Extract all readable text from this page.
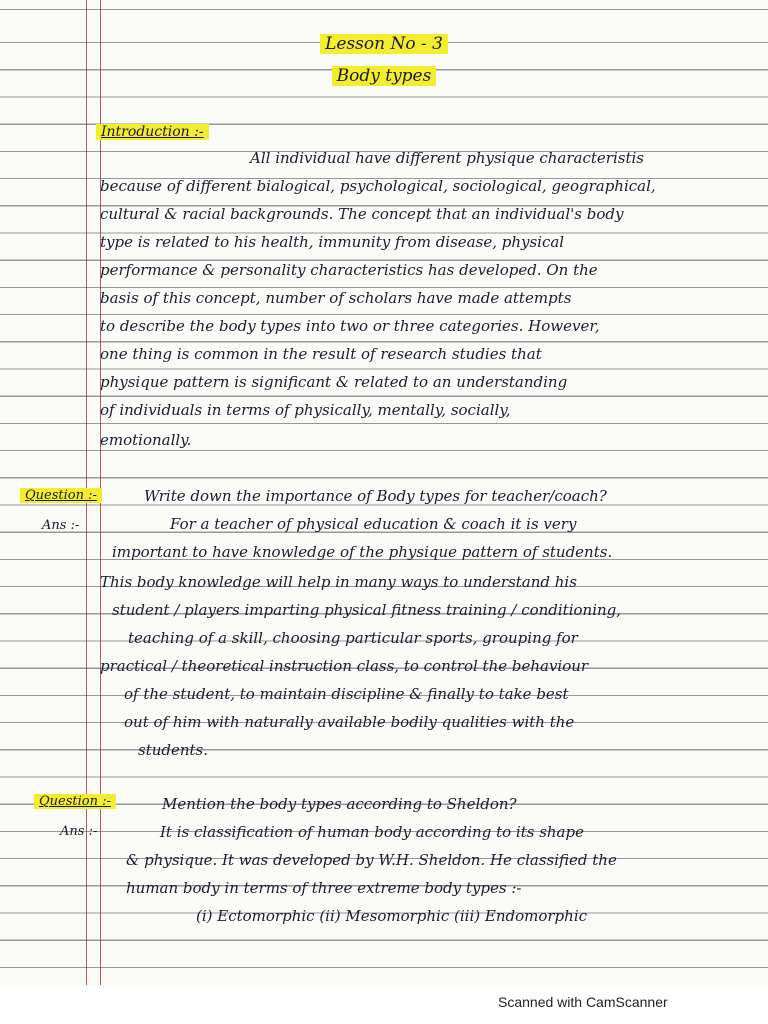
Lesson No - 3
Body types
Introduction :-
All individual have different physique characteristis
because of different bialogical, psychological, sociological, geographical,
cultural & racial backgrounds. The concept that an individual's body
type is related to his health, immunity from disease, physical
performance & personality characteristics has developed. On the
basis of this concept, number of scholars have made attempts
to describe the body types into two or three categories. However,
one thing is common in the result of research studies that
physique pattern is significant & related to an understanding
of individuals in terms of physically, mentally, socially,
emotionally.
Question :-	Write down the importance of Body types for teacher/coach?
Ans :-	For a teacher of physical education & coach it is very
important to have knowledge of the physique pattern of students.
This body knowledge will help in many ways to understand his
student / players imparting physical fitness training / conditioning,
teaching of a skill, choosing particular sports, grouping for
practical / theoretical instruction class, to control the behaviour
of the student, to maintain discipline & finally to take best
out of him with naturally available bodily qualities with the
students.
Question :-	Mention the body types according to Sheldon?
Ans :-	It is classification of human body according to its shape
& physique. It was developed by W.H. Sheldon. He classified the
human body in terms of three extreme body types :-
(i) Ectomorphic (ii) Mesomorphic (iii) Endomorphic
Scanned with CamScanner
